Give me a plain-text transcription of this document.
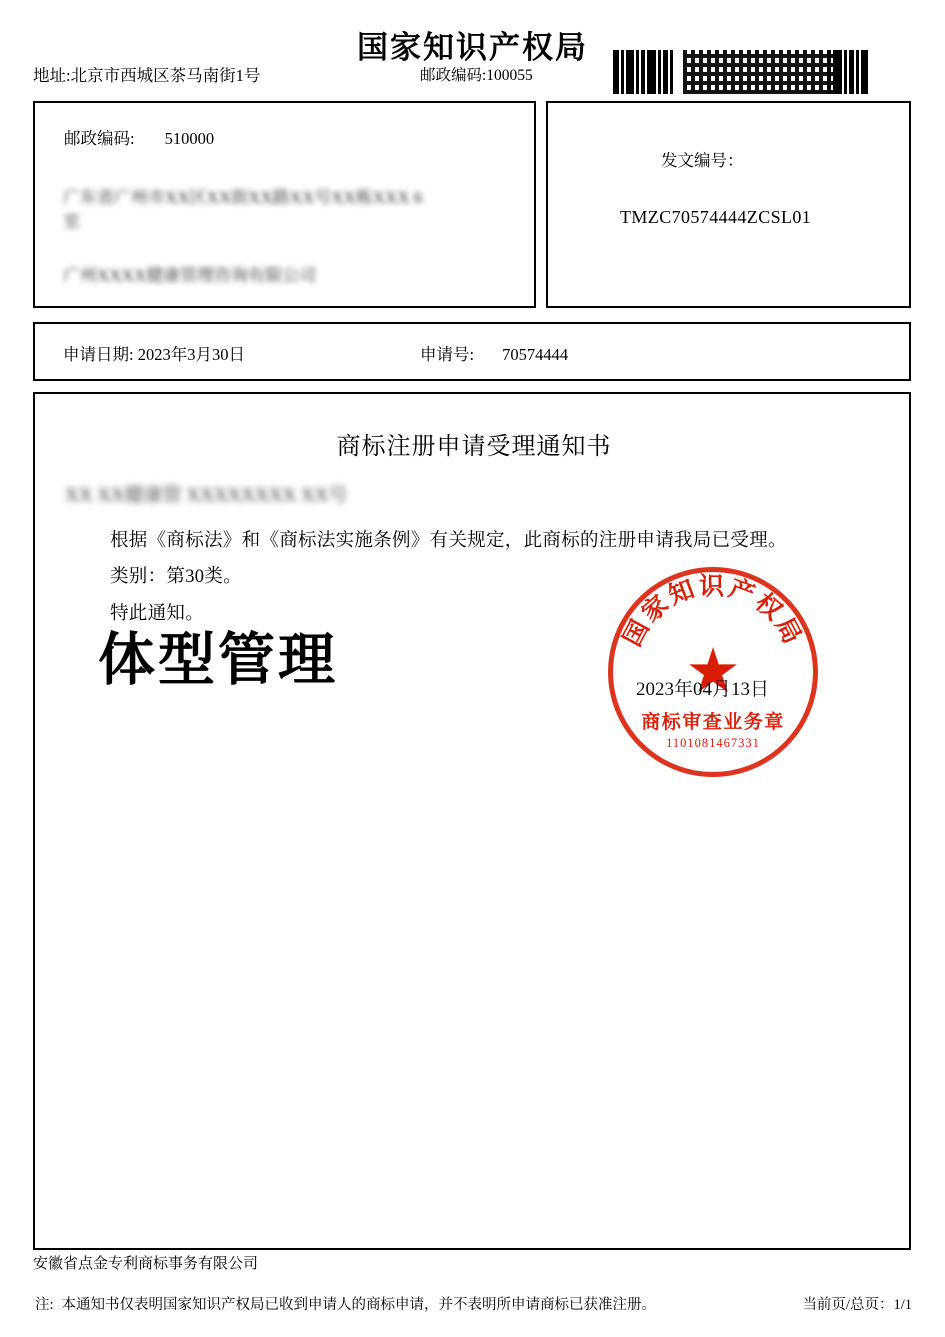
国家知识产权局
地址:北京市西城区茶马南街1号	邮政编码:100055
邮政编码: 510000
广东省广州市XX区XX街XX路XX号XX栋XXX 6
室
广州XXXX健康管理咨询有限公司
发文编号：
TMZC70574444ZCSL01
申请日期: 2023年3月30日	申请号: 70574444
商标注册申请受理通知书
XX XX健康管 XXXXXXXX XX号
根据《商标法》和《商标法实施条例》有关规定，此商标的注册申请我局已受理。
类别：第30类。
特此通知。
体型管理	国家知识产权局
商标审查业务章
1101081467331
2023年04月13日
安徽省点金专利商标事务有限公司
注: 本通知书仅表明国家知识产权局已收到申请人的商标申请，并不表明所申请商标已获准注册。	当前页/总页：1/1
